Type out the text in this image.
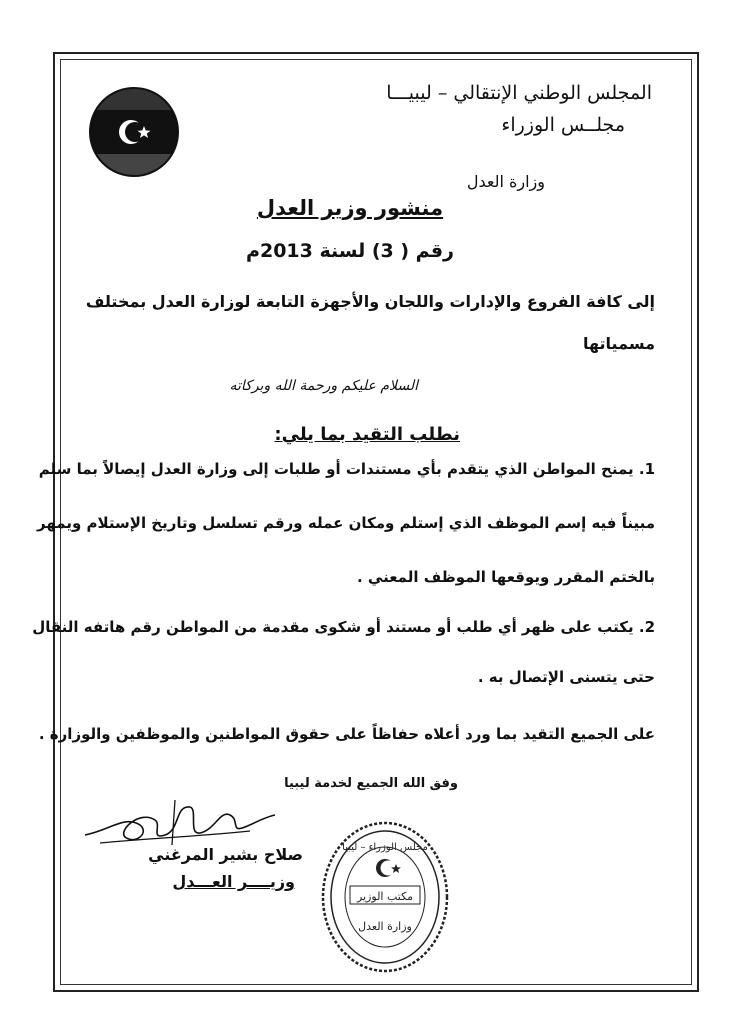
المجلس الوطني الإنتقالي – ليبيـــا
مجلــس الوزراء
وزارة العدل
منشور وزير العدل
رقم ( 3) لسنة 2013م
إلى كافة الفروع والإدارات واللجان والأجهزة التابعة لوزارة العدل بمختلف
مسمياتها
السلام عليكم ورحمة الله وبركاته
نطلب التقيد بما يلي:
1. يمنح المواطن الذي يتقدم بأي مستندات أو طلبات إلى وزارة العدل إيصالاً بما سلم
مبيناً فيه إسم الموظف الذي إستلم ومكان عمله ورقم تسلسل وتاريخ الإستلام ويمهر
بالختم المقرر ويوقعها الموظف المعني .
2. يكتب على ظهر أي طلب أو مستند أو شكوى مقدمة من المواطن رقم هاتفه النقال
حتى يتسنى الإتصال به .
على الجميع التقيد بما ورد أعلاه حفاظاً على حقوق المواطنين والموظفين والوزارة .
وفق الله الجميع لخدمة ليبيا
صلاح بشير المرغني
وزيــــر العـــدل
مجلس الوزراء – ليبيا
مكتب الوزير
وزارة العدل
